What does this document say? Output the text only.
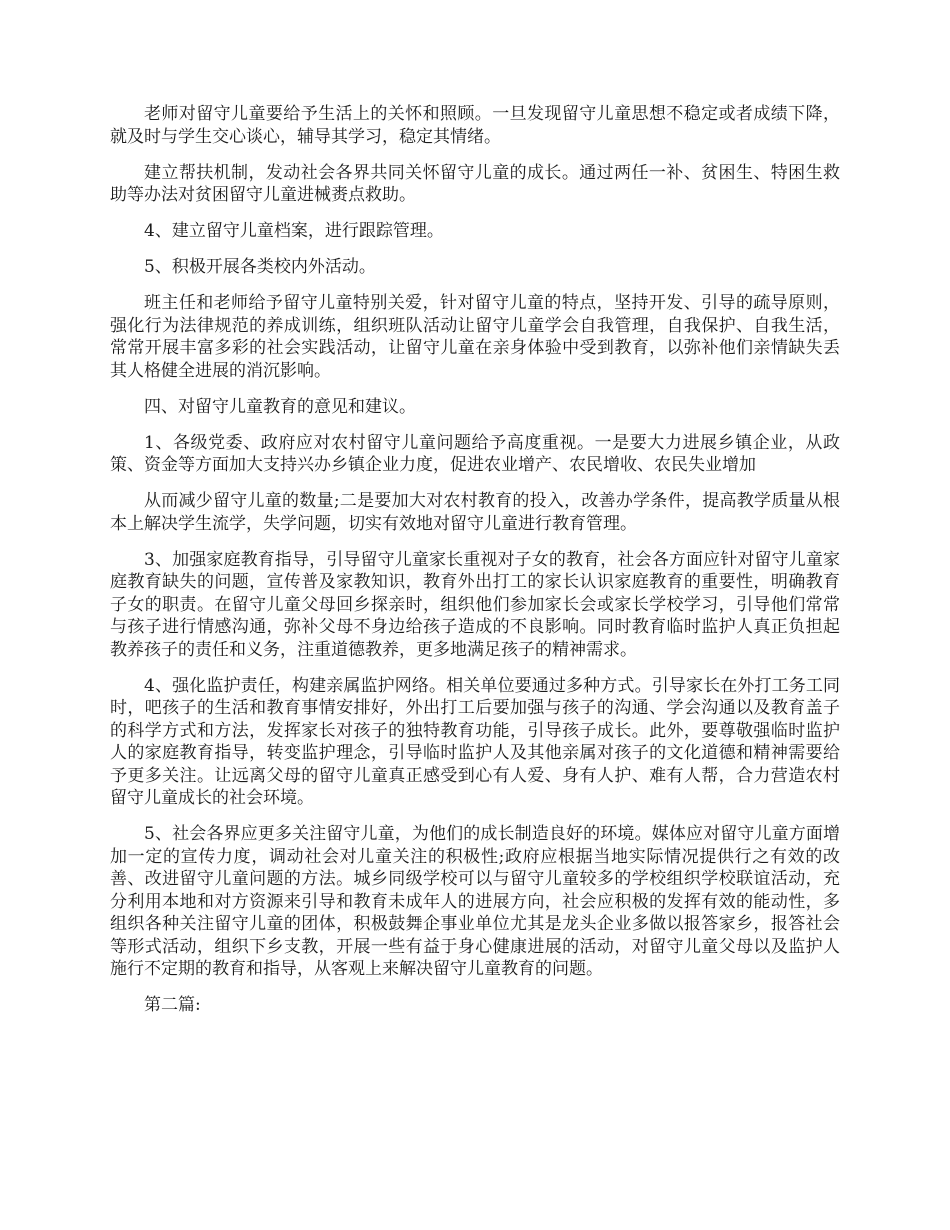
老师对留守儿童要给予生活上的关怀和照顾。一旦发现留守儿童思想不稳定或者成绩下降，就及时与学生交心谈心，辅导其学习，稳定其情绪。

建立帮扶机制，发动社会各界共同关怀留守儿童的成长。通过两任一补、贫困生、特困生救助等办法对贫困留守儿童进械赉点救助。

4、建立留守儿童档案，进行跟踪管理。

5、积极开展各类校内外活动。

班主任和老师给予留守儿童特别关爱，针对留守儿童的特点，坚持开发、引导的疏导原则，强化行为法律规范的养成训练，组织班队活动让留守儿童学会自我管理，自我保护、自我生活，常常开展丰富多彩的社会实践活动，让留守儿童在亲身体验中受到教育，以弥补他们亲情缺失丢其人格健全进展的消沉影响。

四、对留守儿童教育的意见和建议。

1、各级党委、政府应对农村留守儿童问题给予高度重视。一是要大力进展乡镇企业，从政策、资金等方面加大支持兴办乡镇企业力度，促进农业增产、农民增收、农民失业增加

从而减少留守儿童的数量;二是要加大对农村教育的投入，改善办学条件，提高教学质量从根本上解决学生流学，失学问题，切实有效地对留守儿童进行教育管理。

3、加强家庭教育指导，引导留守儿童家长重视对子女的教育，社会各方面应针对留守儿童家庭教育缺失的问题，宣传普及家教知识，教育外出打工的家长认识家庭教育的重要性，明确教育子女的职责。在留守儿童父母回乡探亲时，组织他们参加家长会或家长学校学习，引导他们常常与孩子进行情感沟通，弥补父母不身边给孩子造成的不良影响。同时教育临时监护人真正负担起教养孩子的责任和义务，注重道德教养，更多地满足孩子的精神需求。

4、强化监护责任，构建亲属监护网络。相关单位要通过多种方式。引导家长在外打工务工同时，吧孩子的生活和教育事情安排好，外出打工后要加强与孩子的沟通、学会沟通以及教育盖子的科学方式和方法，发挥家长对孩子的独特教育功能，引导孩子成长。此外，要尊敬强临时监护人的家庭教育指导，转变监护理念，引导临时监护人及其他亲属对孩子的文化道德和精神需要给予更多关注。让远离父母的留守儿童真正感受到心有人爱、身有人护、难有人帮，合力营造农村留守儿童成长的社会环境。

5、社会各界应更多关注留守儿童，为他们的成长制造良好的环境。媒体应对留守儿童方面增加一定的宣传力度，调动社会对儿童关注的积极性;政府应根据当地实际情况提供行之有效的改善、改进留守儿童问题的方法。城乡同级学校可以与留守儿童较多的学校组织学校联谊活动，充分利用本地和对方资源来引导和教育未成年人的进展方向，社会应积极的发挥有效的能动性，多组织各种关注留守儿童的团体，积极鼓舞企事业单位尤其是龙头企业多做以报答家乡，报答社会等形式活动，组织下乡支教，开展一些有益于身心健康进展的活动，对留守儿童父母以及监护人施行不定期的教育和指导，从客观上来解决留守儿童教育的问题。

第二篇:
